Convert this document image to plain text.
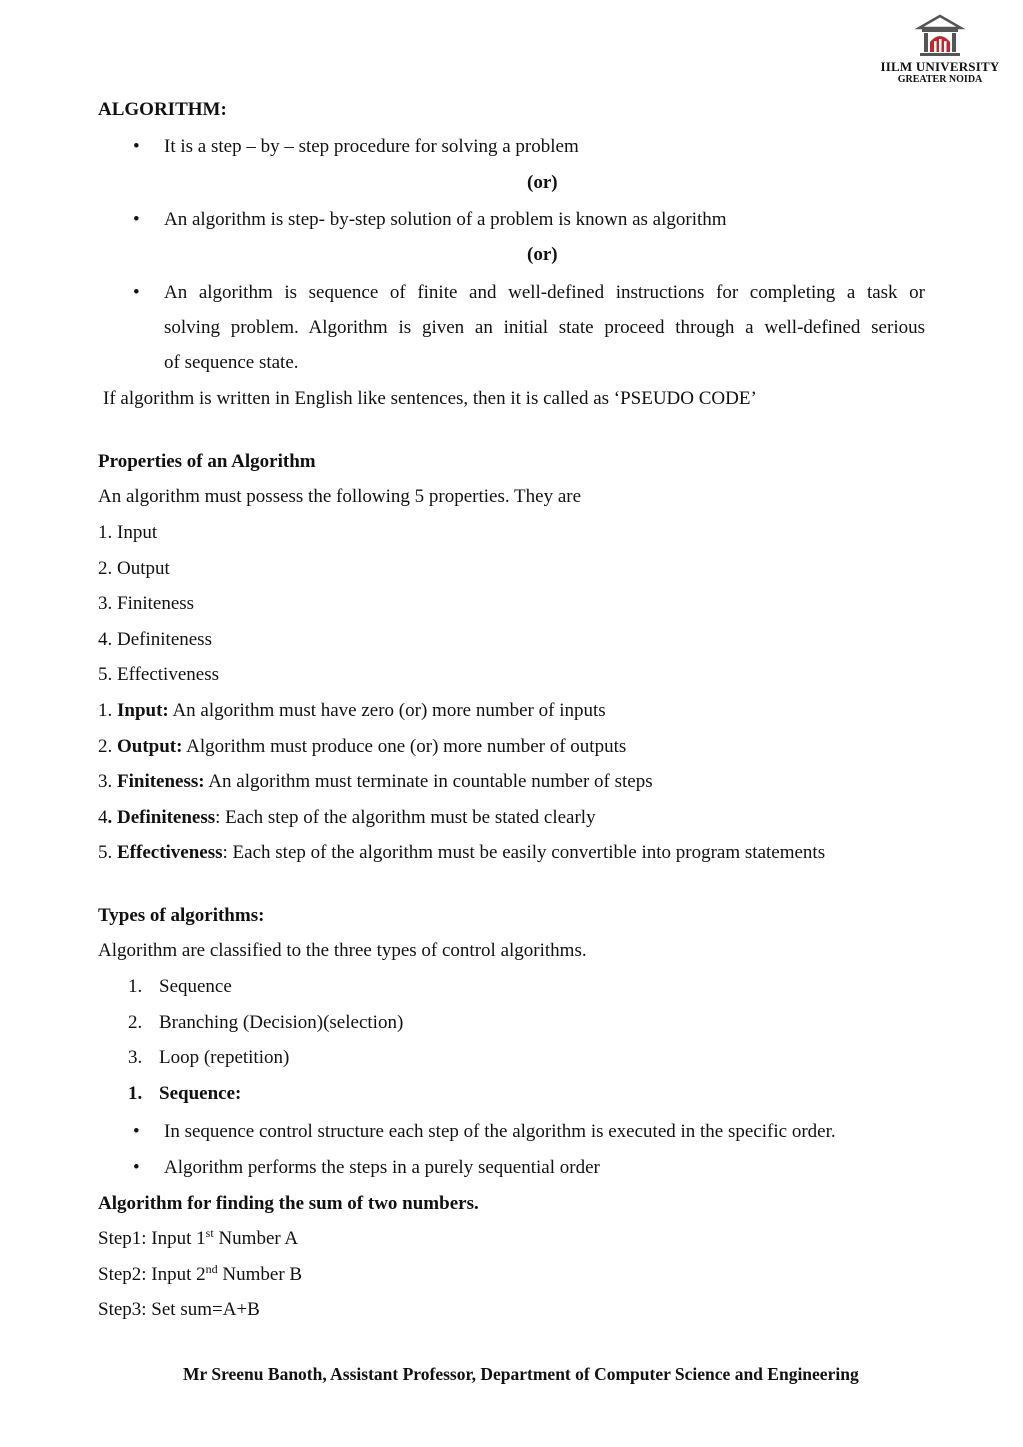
IILM UNIVERSITY
GREATER NOIDA
ALGORITHM:
• It is a step – by – step procedure for solving a problem
(or)
• An algorithm is step- by-step solution of a problem is known as algorithm
(or)
• An algorithm is sequence of finite and well-defined instructions for completing a task or
solving problem. Algorithm is given an initial state proceed through a well-defined serious
of sequence state.
If algorithm is written in English like sentences, then it is called as ‘PSEUDO CODE’
Properties of an Algorithm
An algorithm must possess the following 5 properties. They are
1. Input
2. Output
3. Finiteness
4. Definiteness
5. Effectiveness
1. Input: An algorithm must have zero (or) more number of inputs
2. Output: Algorithm must produce one (or) more number of outputs
3. Finiteness: An algorithm must terminate in countable number of steps
4. Definiteness: Each step of the algorithm must be stated clearly
5. Effectiveness: Each step of the algorithm must be easily convertible into program statements
Types of algorithms:
Algorithm are classified to the three types of control algorithms.
1. Sequence
2. Branching (Decision)(selection)
3. Loop (repetition)
1. Sequence:
• In sequence control structure each step of the algorithm is executed in the specific order.
• Algorithm performs the steps in a purely sequential order
Algorithm for finding the sum of two numbers.
Step1: Input 1st Number A
Step2: Input 2nd Number B
Step3: Set sum=A+B
Mr Sreenu Banoth, Assistant Professor, Department of Computer Science and Engineering
